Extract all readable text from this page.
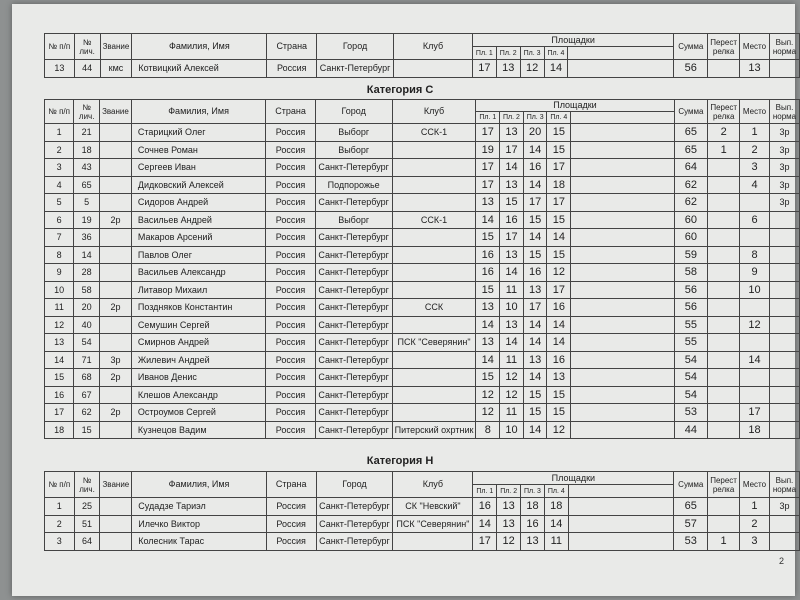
№ п/п	№ лич.	Звание	Фамилия, Имя	Страна	Город	Клуб	Площадки					Сумма	Перест релка	Место	Вып. норма
							Пл. 1	Пл. 2	Пл. 3	Пл. 4					
13	44	кмс	Котвицкий Алексей	Россия	Санкт-Петербург		17	13	12	14		56		13	
Категория С
№ п/п	№ лич.	Звание	Фамилия, Имя	Страна	Город	Клуб	Площадки					Сумма	Перест релка	Место	Вып. норма
							Пл. 1	Пл. 2	Пл. 3	Пл. 4					
1	21		Старицкий Олег	Россия	Выборг	ССК-1	17	13	20	15		65	2	1	3р
2	18		Сочнев Роман	Россия	Выборг		19	17	14	15		65	1	2	3р
3	43		Сергеев Иван	Россия	Санкт-Петербург		17	14	16	17		64		3	3р
4	65		Дидковский Алексей	Россия	Подпорожье		17	13	14	18		62		4	3р
5	5		Сидоров Андрей	Россия	Санкт-Петербург		13	15	17	17		62			3р
6	19	2р	Васильев Андрей	Россия	Выборг	ССК-1	14	16	15	15		60		6	
7	36		Макаров Арсений	Россия	Санкт-Петербург		15	17	14	14		60			
8	14		Павлов Олег	Россия	Санкт-Петербург		16	13	15	15		59		8	
9	28		Васильев Александр	Россия	Санкт-Петербург		16	14	16	12		58		9	
10	58		Литавор Михаил	Россия	Санкт-Петербург		15	11	13	17		56		10	
11	20	2р	Поздняков Константин	Россия	Санкт-Петербург	ССК	13	10	17	16		56			
12	40		Семушин Сергей	Россия	Санкт-Петербург		14	13	14	14		55		12	
13	54		Смирнов Андрей	Россия	Санкт-Петербург	ПСК "Северянин"	13	14	14	14		55			
14	71	3р	Жилевич Андрей	Россия	Санкт-Петербург		14	11	13	16		54		14	
15	68	2р	Иванов Денис	Россия	Санкт-Петербург		15	12	14	13		54			
16	67		Клешов Александр	Россия	Санкт-Петербург		12	12	15	15		54			
17	62	2р	Остроумов Сергей	Россия	Санкт-Петербург		12	11	15	15		53		17	
18	15		Кузнецов Вадим	Россия	Санкт-Петербург	Питерский охртник	8	10	14	12		44		18	
Категория Н
№ п/п	№ лич.	Звание	Фамилия, Имя	Страна	Город	Клуб	Площадки					Сумма	Перест релка	Место	Вып. норма
							Пл. 1	Пл. 2	Пл. 3	Пл. 4					
1	25		Судадзе Тариэл	Россия	Санкт-Петербург	СК "Невский"	16	13	18	18		65		1	3р
2	51		Илечко Виктор	Россия	Санкт-Петербург	ПСК "Северянин"	14	13	16	14		57		2	
3	64		Колесник Тарас	Россия	Санкт-Петербург		17	12	13	11		53	1	3	
2
